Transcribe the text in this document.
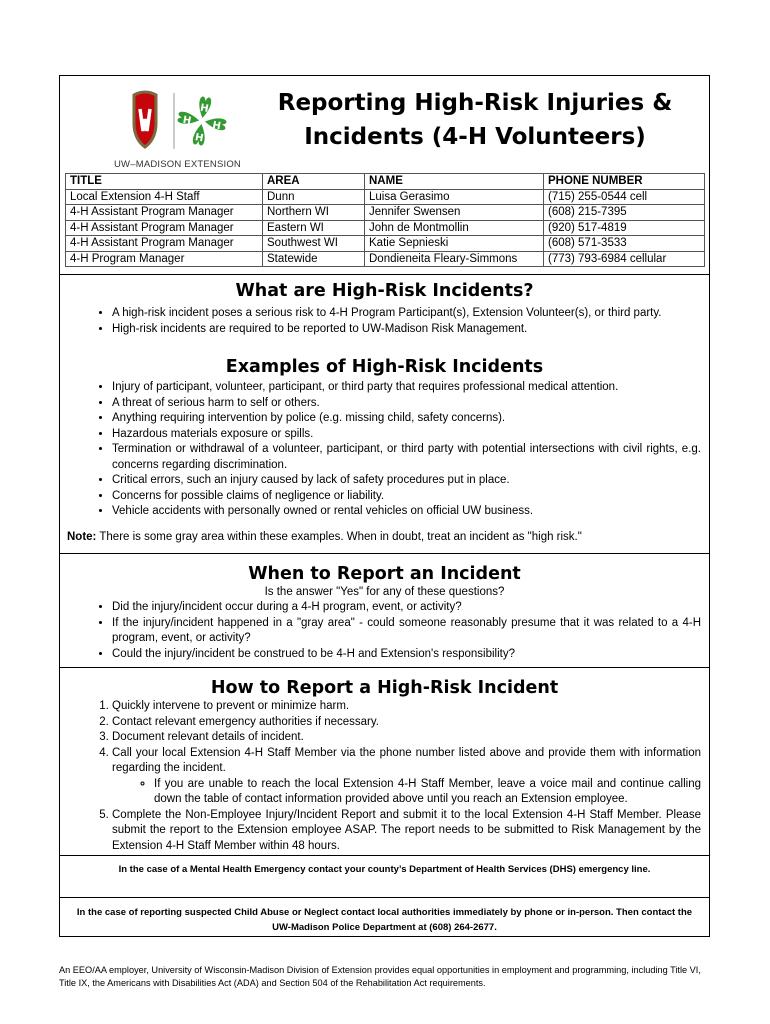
H
H
H
H
UW–MADISON EXTENSION
Reporting High-Risk Injuries &
Incidents (4-H Volunteers)
TITLE	AREA	NAME	PHONE NUMBER
Local Extension 4-H Staff	Dunn	Luisa Gerasimo	(715) 255-0544 cell
4-H Assistant Program Manager	Northern WI	Jennifer Swensen	(608) 215-7395
4-H Assistant Program Manager	Eastern WI	John de Montmollin	(920) 517-4819
4-H Assistant Program Manager	Southwest WI	Katie Sepnieski	(608) 571-3533
4-H Program Manager	Statewide	Dondieneita Fleary-Simmons	(773) 793-6984 cellular
What are High-Risk Incidents?
• A high-risk incident poses a serious risk to 4-H Program Participant(s), Extension Volunteer(s), or third party.
• High-risk incidents are required to be reported to UW-Madison Risk Management.
Examples of High-Risk Incidents
• Injury of participant, volunteer, participant, or third party that requires professional medical attention.
• A threat of serious harm to self or others.
• Anything requiring intervention by police (e.g. missing child, safety concerns).
• Hazardous materials exposure or spills.
• Termination or withdrawal of a volunteer, participant, or third party with potential intersections with civil rights, e.g. concerns regarding discrimination.
• Critical errors, such an injury caused by lack of safety procedures put in place.
• Concerns for possible claims of negligence or liability.
• Vehicle accidents with personally owned or rental vehicles on official UW business.
Note: There is some gray area within these examples. When in doubt, treat an incident as "high risk."
When to Report an Incident
Is the answer "Yes" for any of these questions?
• Did the injury/incident occur during a 4-H program, event, or activity?
• If the injury/incident happened in a "gray area" - could someone reasonably presume that it was related to a 4-H program, event, or activity?
• Could the injury/incident be construed to be 4-H and Extension's responsibility?
How to Report a High-Risk Incident
1. Quickly intervene to prevent or minimize harm.
2. Contact relevant emergency authorities if necessary.
3. Document relevant details of incident.
4. Call your local Extension 4-H Staff Member via the phone number listed above and provide them with information regarding the incident.
◦ If you are unable to reach the local Extension 4-H Staff Member, leave a voice mail and continue calling down the table of contact information provided above until you reach an Extension employee.
5. Complete the Non-Employee Injury/Incident Report and submit it to the local Extension 4-H Staff Member. Please submit the report to the Extension employee ASAP. The report needs to be submitted to Risk Management by the Extension 4-H Staff Member within 48 hours.
In the case of a Mental Health Emergency contact your county’s Department of Health Services (DHS) emergency line.
In the case of reporting suspected Child Abuse or Neglect contact local authorities immediately by phone or in-person. Then contact the UW-Madison Police Department at (608) 264-2677.
An EEO/AA employer, University of Wisconsin-Madison Division of Extension provides equal opportunities in employment and programming, including Title VI, Title IX, the Americans with Disabilities Act (ADA) and Section 504 of the Rehabilitation Act requirements.
